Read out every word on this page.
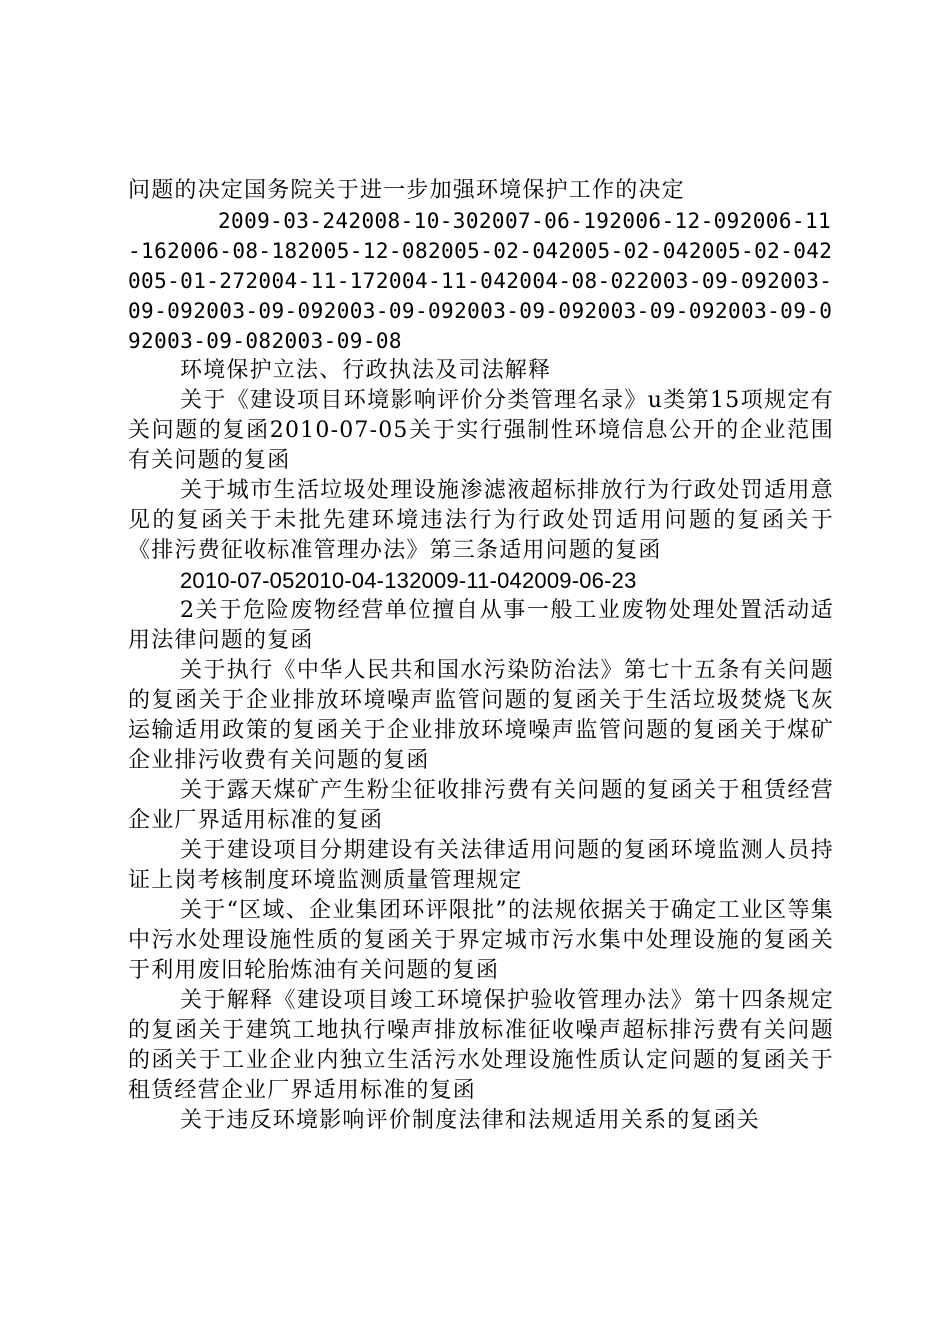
问题的决定国务院关于进一步加强环境保护工作的决定

2009-03-242008-10-302007-06-192006-12-092006-11-162006-08-182005-12-082005-02-042005-02-042005-02-042005-01-272004-11-172004-11-042004-08-022003-09-092003-09-092003-09-092003-09-092003-09-092003-09-092003-09-092003-09-082003-09-08

环境保护立法、行政执法及司法解释

关于《建设项目环境影响评价分类管理名录》u类第15项规定有关问题的复函2010-07-05关于实行强制性环境信息公开的企业范围有关问题的复函

关于城市生活垃圾处理设施渗滤液超标排放行为行政处罚适用意见的复函关于未批先建环境违法行为行政处罚适用问题的复函关于《排污费征收标准管理办法》第三条适用问题的复函

2010-07-052010-04-132009-11-042009-06-23

2关于危险废物经营单位擅自从事一般工业废物处理处置活动适用法律问题的复函

关于执行《中华人民共和国水污染防治法》第七十五条有关问题的复函关于企业排放环境噪声监管问题的复函关于生活垃圾焚烧飞灰运输适用政策的复函关于企业排放环境噪声监管问题的复函关于煤矿企业排污收费有关问题的复函

关于露天煤矿产生粉尘征收排污费有关问题的复函关于租赁经营企业厂界适用标准的复函

关于建设项目分期建设有关法律适用问题的复函环境监测人员持证上岗考核制度环境监测质量管理规定

关于“区域、企业集团环评限批”的法规依据关于确定工业区等集中污水处理设施性质的复函关于界定城市污水集中处理设施的复函关于利用废旧轮胎炼油有关问题的复函

关于解释《建设项目竣工环境保护验收管理办法》第十四条规定的复函关于建筑工地执行噪声排放标准征收噪声超标排污费有关问题的函关于工业企业内独立生活污水处理设施性质认定问题的复函关于租赁经营企业厂界适用标准的复函

关于违反环境影响评价制度法律和法规适用关系的复函关
